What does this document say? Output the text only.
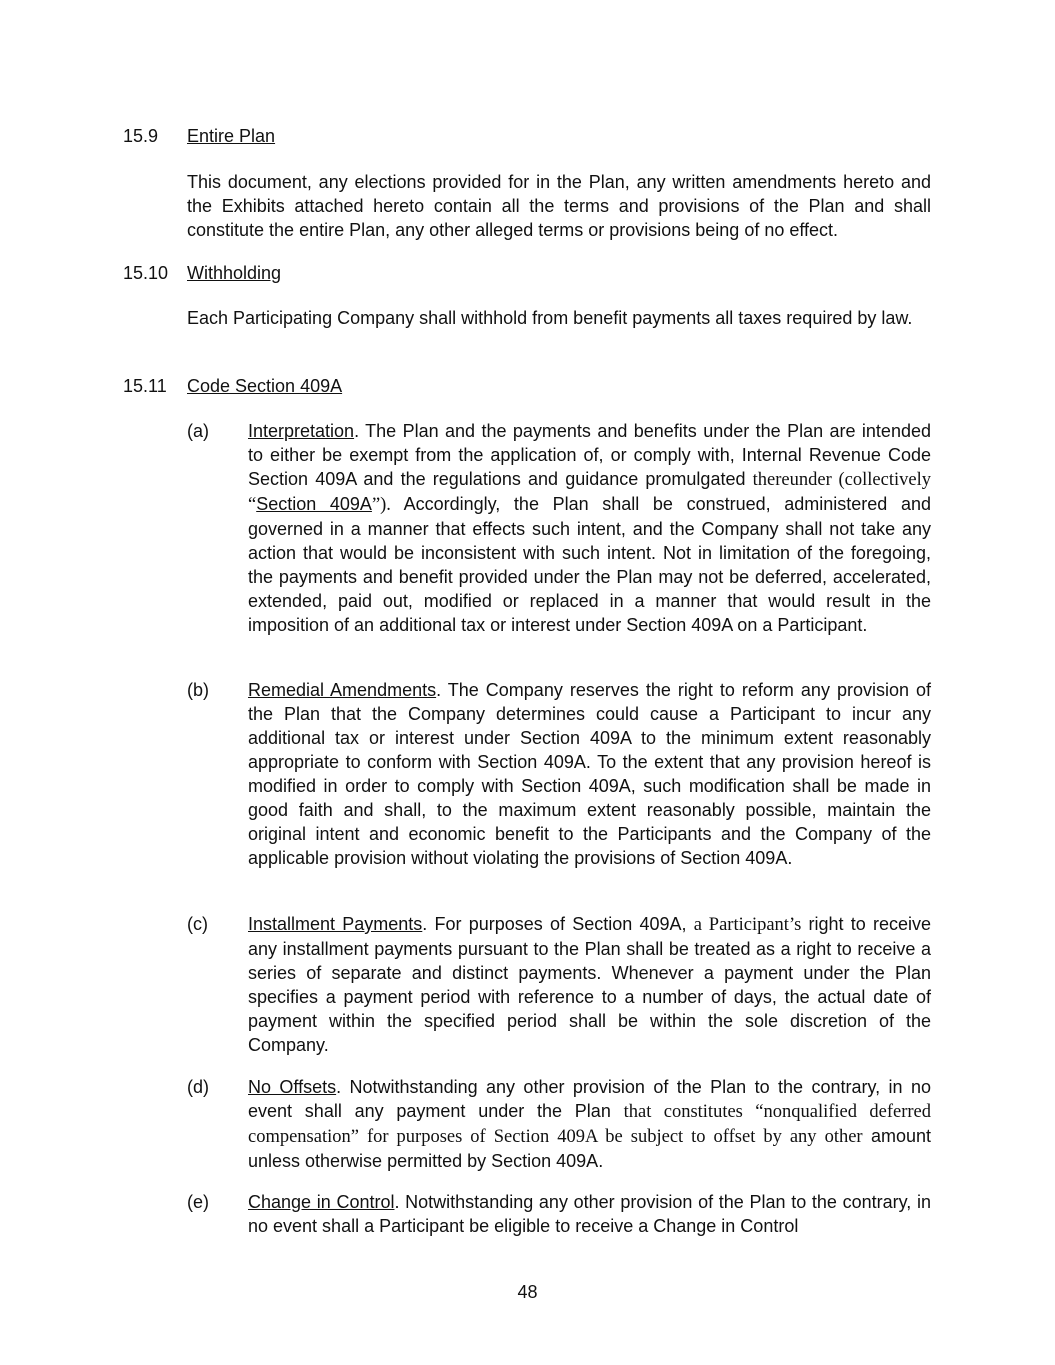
15.9 Entire Plan

This document, any elections provided for in the Plan, any written amendments hereto and the Exhibits attached hereto contain all the terms and provisions of the Plan and shall constitute the entire Plan, any other alleged terms or provisions being of no effect.

15.10 Withholding

Each Participating Company shall withhold from benefit payments all taxes required by law.

15.11 Code Section 409A
(a) Interpretation. The Plan and the payments and benefits under the Plan are intended to either be exempt from the application of, or comply with, Internal Revenue Code Section 409A and the regulations and guidance promulgated thereunder (collectively “Section 409A”). Accordingly, the Plan shall be construed, administered and governed in a manner that effects such intent, and the Company shall not take any action that would be inconsistent with such intent. Not in limitation of the foregoing, the payments and benefit provided under the Plan may not be deferred, accelerated, extended, paid out, modified or replaced in a manner that would result in the imposition of an additional tax or interest under Section 409A on a Participant.

(b) Remedial Amendments. The Company reserves the right to reform any provision of the Plan that the Company determines could cause a Participant to incur any additional tax or interest under Section 409A to the minimum extent reasonably appropriate to conform with Section 409A. To the extent that any provision hereof is modified in order to comply with Section 409A, such modification shall be made in good faith and shall, to the maximum extent reasonably possible, maintain the original intent and economic benefit to the Participants and the Company of the applicable provision without violating the provisions of Section 409A.

(c) Installment Payments. For purposes of Section 409A, a Participant’s right to receive any installment payments pursuant to the Plan shall be treated as a right to receive a series of separate and distinct payments. Whenever a payment under the Plan specifies a payment period with reference to a number of days, the actual date of payment within the specified period shall be within the sole discretion of the Company.

(d) No Offsets. Notwithstanding any other provision of the Plan to the contrary, in no event shall any payment under the Plan that constitutes “nonqualified deferred compensation” for purposes of Section 409A be subject to offset by any other amount unless otherwise permitted by Section 409A.

(e) Change in Control. Notwithstanding any other provision of the Plan to the contrary, in no event shall a Participant be eligible to receive a Change in Control

48
